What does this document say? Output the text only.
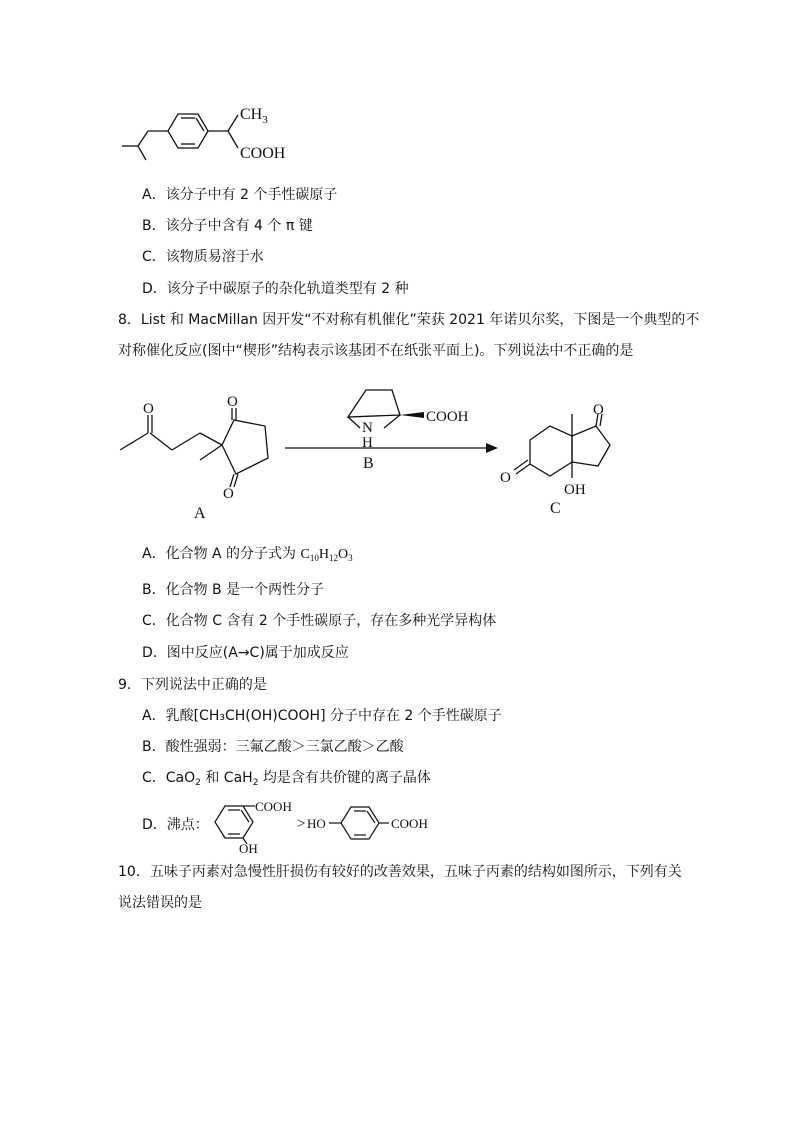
$CH_3$
COOH
A．该分子中有 2 个手性碳原子
B．该分子中含有 4 个 π 键
C．该物质易溶于水
D．该分子中碳原子的杂化轨道类型有 2 种
8．List 和 MacMillan 因开发“不对称有机催化”荣获 2021 年诺贝尔奖，下图是一个典型的不
对称催化反应(图中“楔形”结构表示该基团不在纸张平面上)。下列说法中不正确的是
O	O
O
A
N
H
COOH
B
O
O
OH
C
A．化合物 A 的分子式为 $C_{10}H_{12}O_3$
B．化合物 B 是一个两性分子
C．化合物 C 含有 2 个手性碳原子，存在多种光学异构体
D．图中反应(A→C)属于加成反应
9．下列说法中正确的是
A．乳酸[CH₃CH(OH)COOH] 分子中存在 2 个手性碳原子
B．酸性强弱：三氟乙酸＞三氯乙酸＞乙酸
C．CaO$_2$ 和 CaH$_2$ 均是含有共价键的离子晶体
D．沸点：
COOH
OH
> HO	COOH
10．五味子丙素对急慢性肝损伤有较好的改善效果，五味子丙素的结构如图所示，下列有关
说法错误的是
